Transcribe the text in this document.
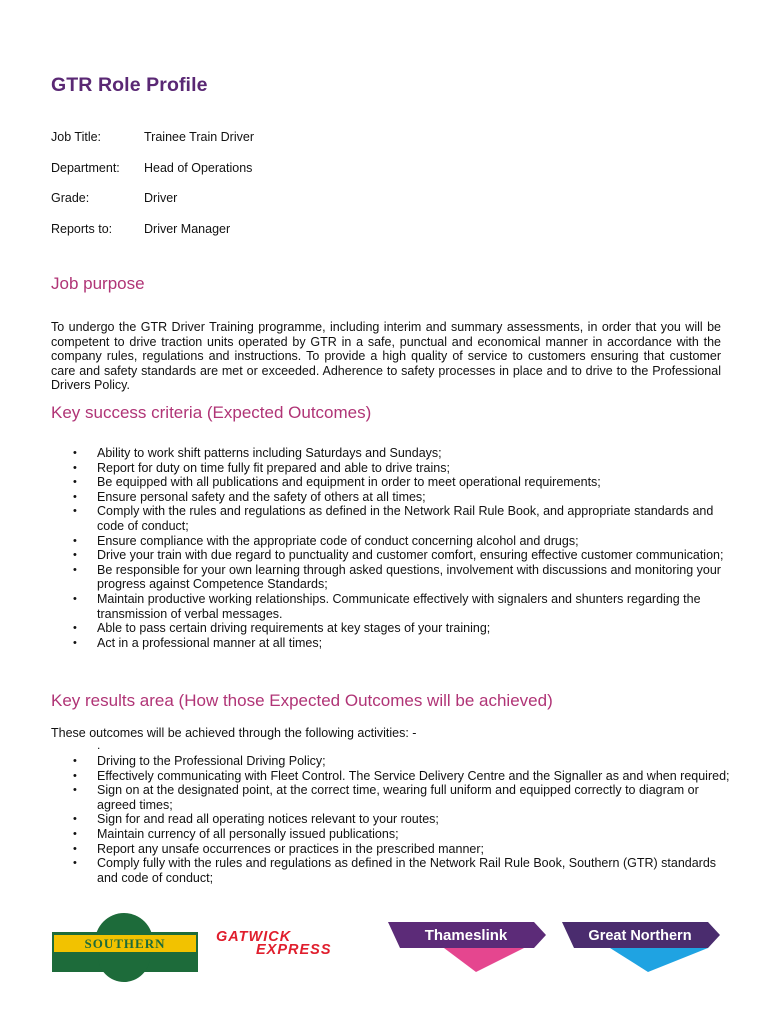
GTR Role Profile
Job Title:	Trainee Train Driver
Department:	Head of Operations
Grade:	Driver
Reports to:	Driver Manager
Job purpose

To undergo the GTR Driver Training programme, including interim and summary assessments, in order that you will be competent to drive traction units operated by GTR in a safe, punctual and economical manner in accordance with the company rules, regulations and instructions. To provide a high quality of service to customers ensuring that customer care and safety standards are met or exceeded. Adherence to safety processes in place and to drive to the Professional Drivers Policy.

Key success criteria (Expected Outcomes)
• Ability to work shift patterns including Saturdays and Sundays;
• Report for duty on time fully fit prepared and able to drive trains;
• Be equipped with all publications and equipment in order to meet operational requirements;
• Ensure personal safety and the safety of others at all times;
• Comply with the rules and regulations as defined in the Network Rail Rule Book, and appropriate standards and code of conduct;
• Ensure compliance with the appropriate code of conduct concerning alcohol and drugs;
• Drive your train with due regard to punctuality and customer comfort, ensuring effective customer communication;
• Be responsible for your own learning through asked questions, involvement with discussions and monitoring your progress against Competence Standards;
• Maintain productive working relationships. Communicate effectively with signalers and shunters regarding the transmission of verbal messages.
• Able to pass certain driving requirements at key stages of your training;
• Act in a professional manner at all times;
Key results area (How those Expected Outcomes will be achieved)

These outcomes will be achieved through the following activities: -

.

• Driving to the Professional Driving Policy;
• Effectively communicating with Fleet Control. The Service Delivery Centre and the Signaller as and when required;
• Sign on at the designated point, at the correct time, wearing full uniform and equipped correctly to diagram or agreed times;
• Sign for and read all operating notices relevant to your routes;
• Maintain currency of all personally issued publications;
• Report any unsafe occurrences or practices in the prescribed manner;
• Comply fully with the rules and regulations as defined in the Network Rail Rule Book, Southern (GTR) standards and code of conduct;
SOUTHERN	GATWICK
EXPRESS
Thameslink	Great Northern
